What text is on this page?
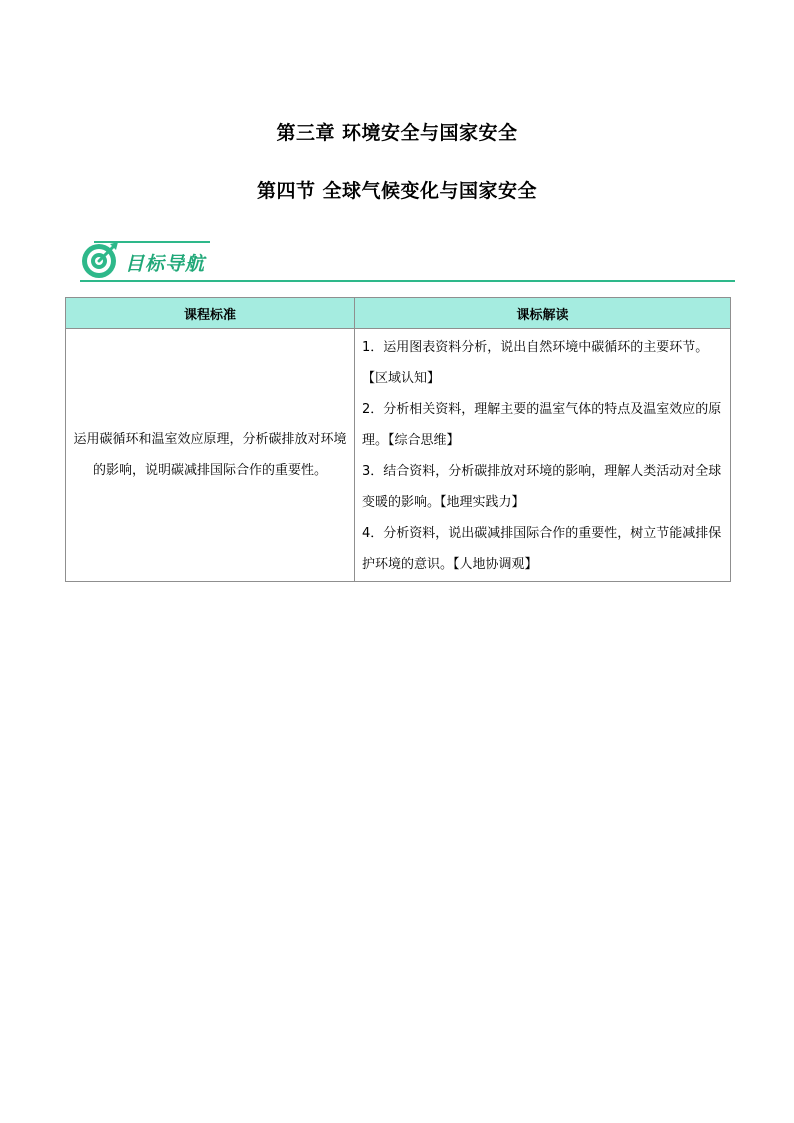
第三章 环境安全与国家安全
第四节 全球气候变化与国家安全
目标导航
课程标准	课标解读
运用碳循环和温室效应原理，分析碳排放对环境的影响，说明碳减排国际合作的重要性。	1．运用图表资料分析，说出自然环境中碳循环的主要环节。【区域认知】

2．分析相关资料，理解主要的温室气体的特点及温室效应的原理。【综合思维】

3．结合资料，分析碳排放对环境的影响，理解人类活动对全球变暖的影响。【地理实践力】

4．分析资料，说出碳减排国际合作的重要性，树立节能减排保护环境的意识。【人地协调观】
